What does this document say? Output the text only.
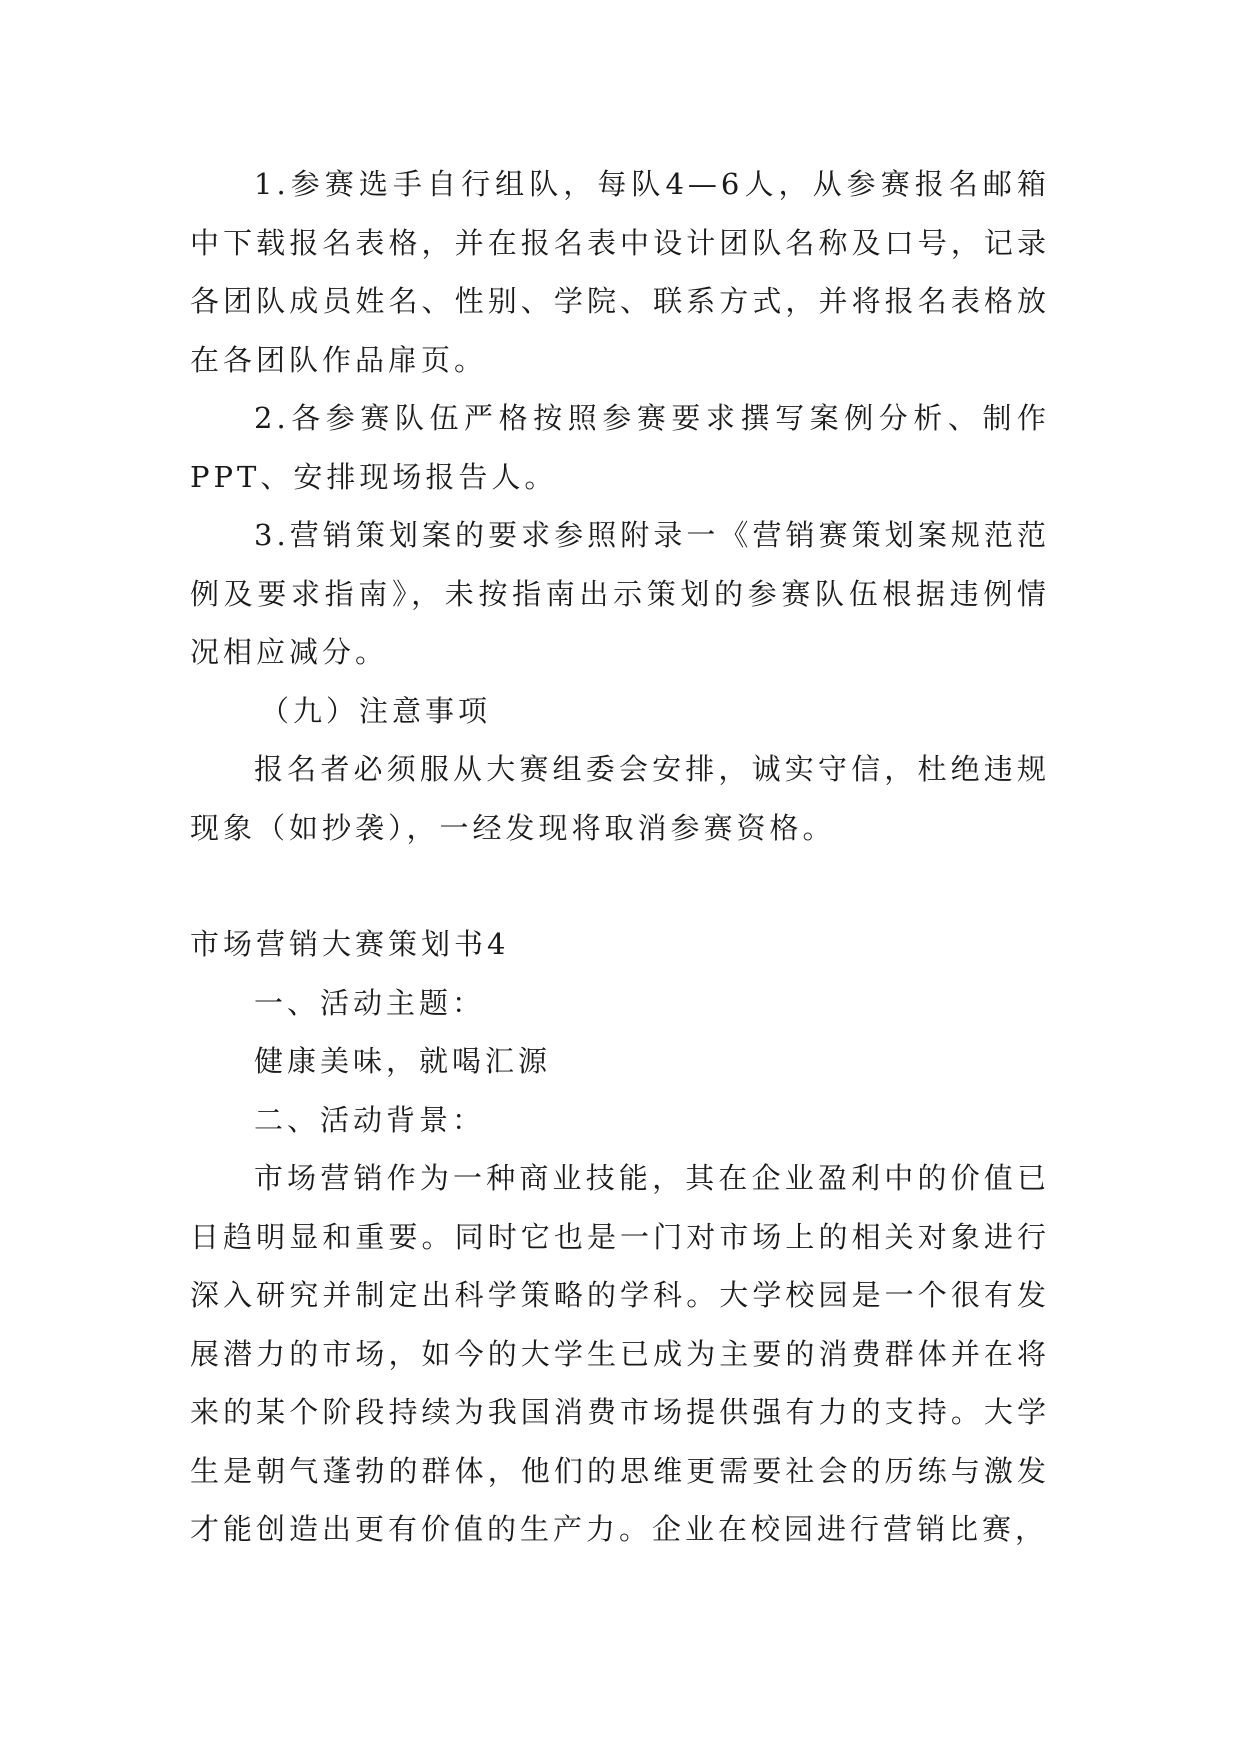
1.参赛选手自行组队，每队4—6人，从参赛报名邮箱中下载报名表格，并在报名表中设计团队名称及口号，记录各团队成员姓名、性别、学院、联系方式，并将报名表格放在各团队作品扉页。

2.各参赛队伍严格按照参赛要求撰写案例分析、制作PPT、安排现场报告人。

3.营销策划案的要求参照附录一《营销赛策划案规范范例及要求指南》，未按指南出示策划的参赛队伍根据违例情况相应减分。

（九）注意事项

报名者必须服从大赛组委会安排，诚实守信，杜绝违规现象（如抄袭），一经发现将取消参赛资格。

市场营销大赛策划书4

一、活动主题：

健康美味，就喝汇源

二、活动背景：

市场营销作为一种商业技能，其在企业盈利中的价值已日趋明显和重要。同时它也是一门对市场上的相关对象进行深入研究并制定出科学策略的学科。大学校园是一个很有发展潜力的市场，如今的大学生已成为主要的消费群体并在将来的某个阶段持续为我国消费市场提供强有力的支持。大学生是朝气蓬勃的群体，他们的思维更需要社会的历练与激发才能创造出更有价值的生产力。企业在校园进行营销比赛，
